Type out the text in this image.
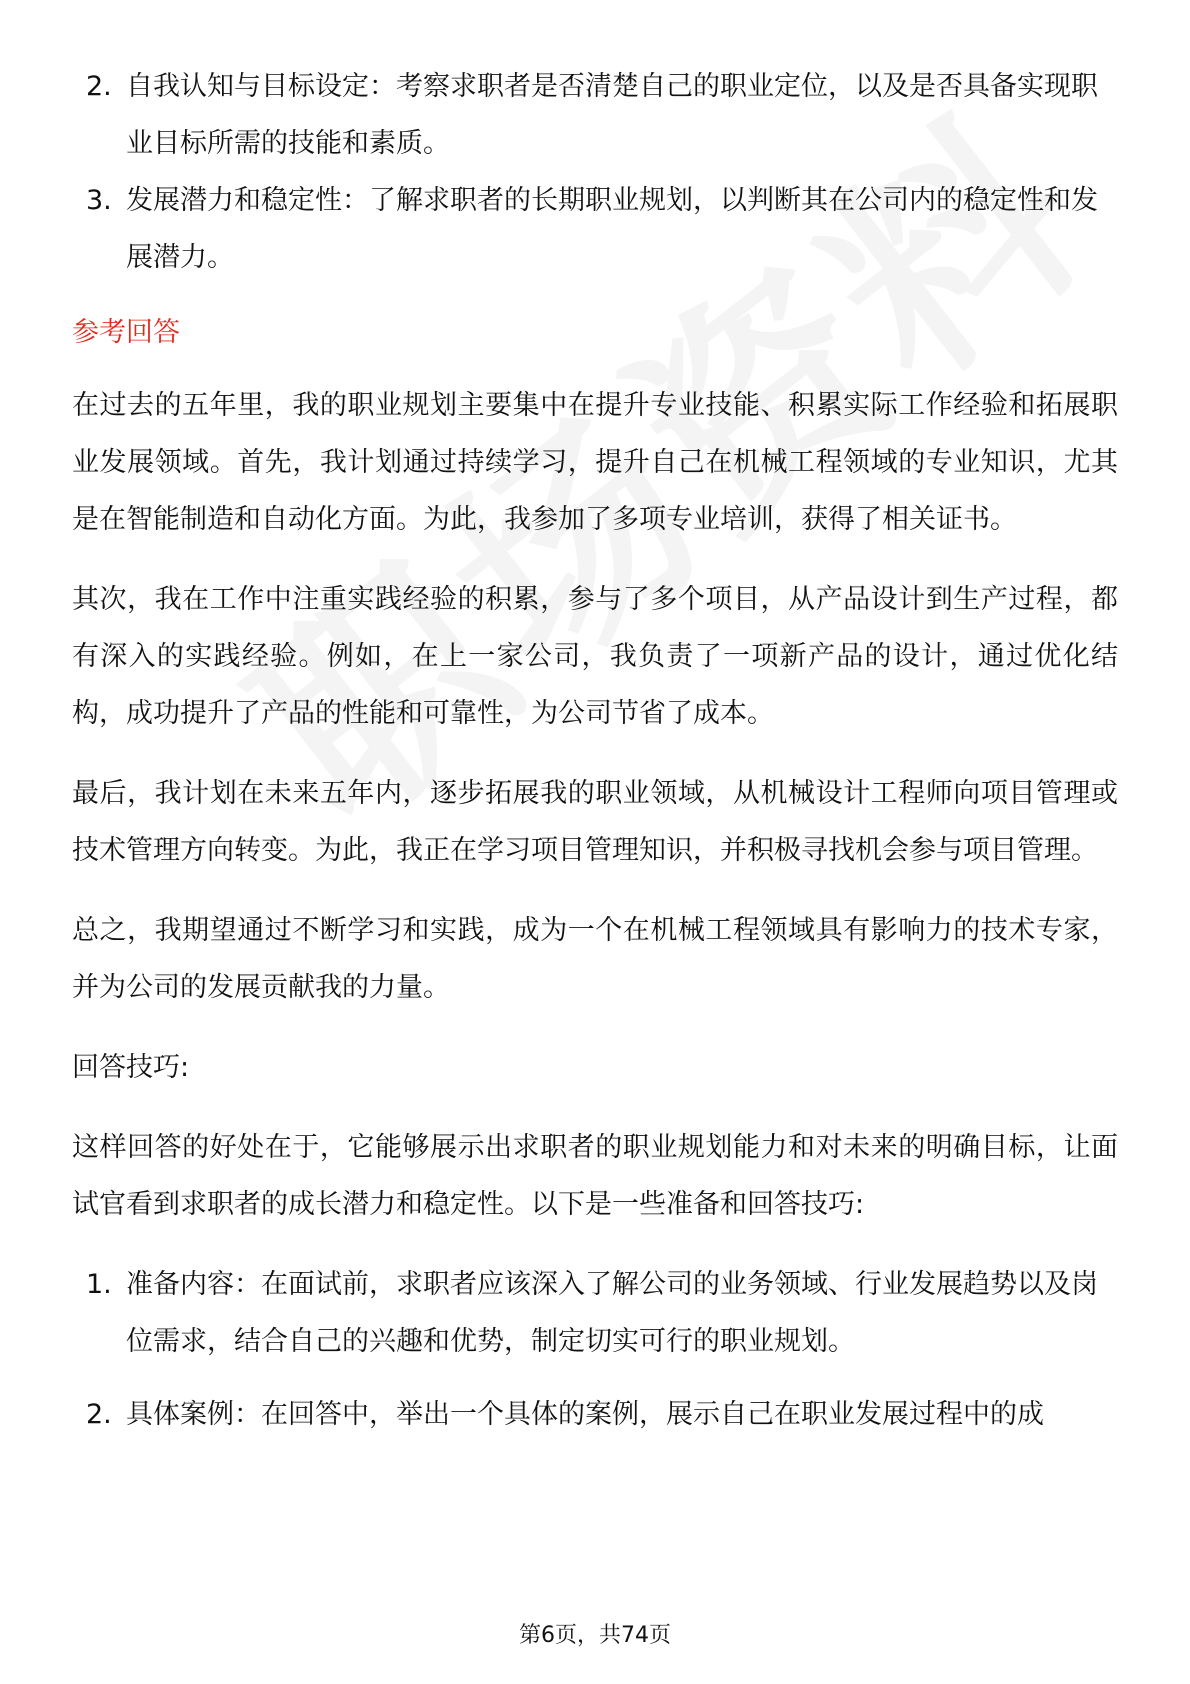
2. 自我认知与目标设定：考察求职者是否清楚自己的职业定位，以及是否具备实现职业目标所需的技能和素质。
3. 发展潜力和稳定性：了解求职者的长期职业规划，以判断其在公司内的稳定性和发展潜力。
参考回答

在过去的五年里，我的职业规划主要集中在提升专业技能、积累实际工作经验和拓展职业发展领域。首先，我计划通过持续学习，提升自己在机械工程领域的专业知识，尤其是在智能制造和自动化方面。为此，我参加了多项专业培训，获得了相关证书。

其次，我在工作中注重实践经验的积累，参与了多个项目，从产品设计到生产过程，都有深入的实践经验。例如，在上一家公司，我负责了一项新产品的设计，通过优化结构，成功提升了产品的性能和可靠性，为公司节省了成本。

最后，我计划在未来五年内，逐步拓展我的职业领域，从机械设计工程师向项目管理或技术管理方向转变。为此，我正在学习项目管理知识，并积极寻找机会参与项目管理。

总之，我期望通过不断学习和实践，成为一个在机械工程领域具有影响力的技术专家，并为公司的发展贡献我的力量。

回答技巧:

这样回答的好处在于，它能够展示出求职者的职业规划能力和对未来的明确目标，让面试官看到求职者的成长潜力和稳定性。以下是一些准备和回答技巧:

1. 准备内容：在面试前，求职者应该深入了解公司的业务领域、行业发展趋势以及岗位需求，结合自己的兴趣和优势，制定切实可行的职业规划。
2. 具体案例：在回答中，举出一个具体的案例，展示自己在职业发展过程中的成
第6页，共74页
